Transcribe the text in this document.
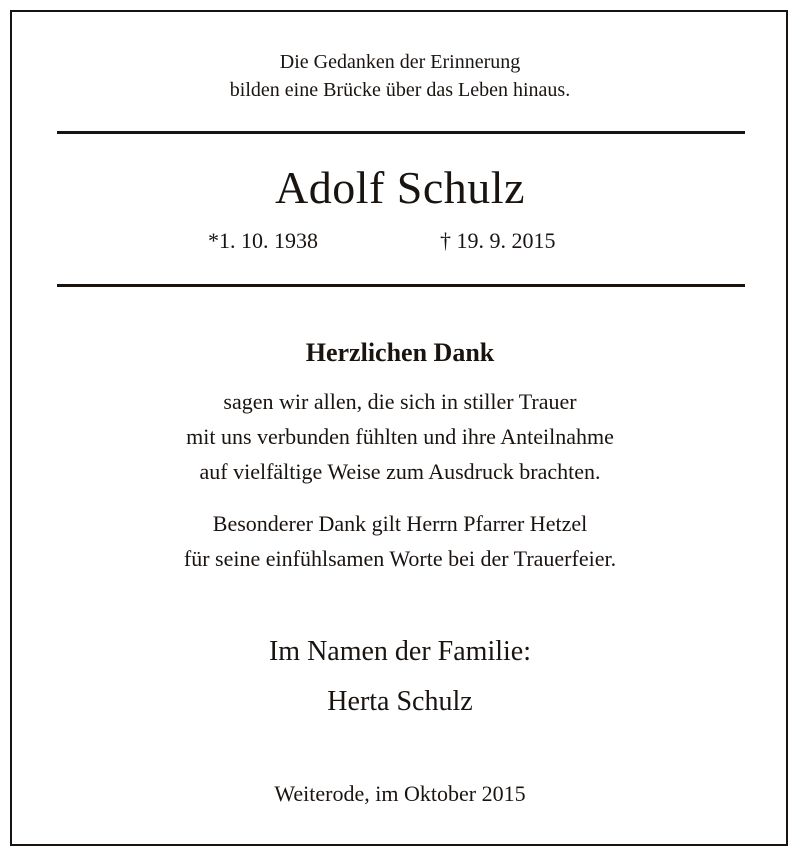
Die Gedanken der Erinnerung
bilden eine Brücke über das Leben hinaus.
Adolf Schulz
*1. 10. 1938	† 19. 9. 2015
Herzlichen Dank
sagen wir allen, die sich in stiller Trauer
mit uns verbunden fühlten und ihre Anteilnahme
auf vielfältige Weise zum Ausdruck brachten.
Besonderer Dank gilt Herrn Pfarrer Hetzel
für seine einfühlsamen Worte bei der Trauerfeier.
Im Namen der Familie:
Herta Schulz
Weiterode, im Oktober 2015
